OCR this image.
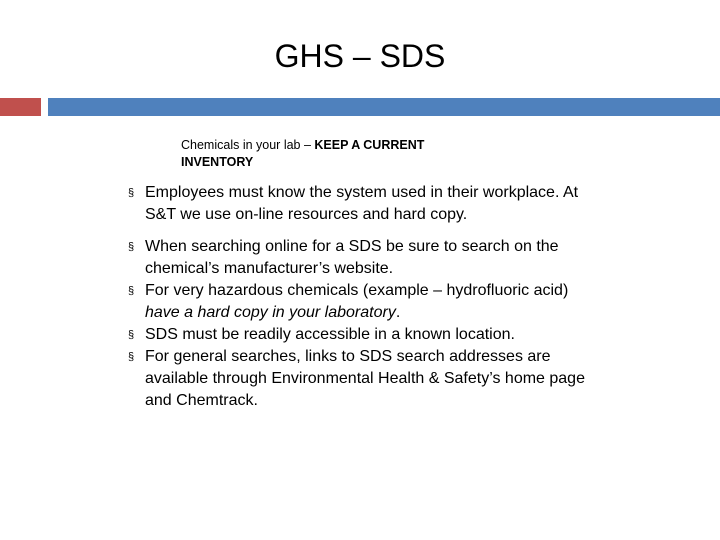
GHS – SDS
Chemicals in your lab – KEEP A CURRENT INVENTORY
§ Employees must know the system used in their workplace. At S&T we use on-line resources and hard copy.
§ When searching online for a SDS be sure to search on the chemical’s manufacturer’s website.
§ For very hazardous chemicals (example – hydrofluoric acid) have a hard copy in your laboratory.
§ SDS must be readily accessible in a known location.
§ For general searches, links to SDS search addresses are available through Environmental Health & Safety’s home page and Chemtrack.
